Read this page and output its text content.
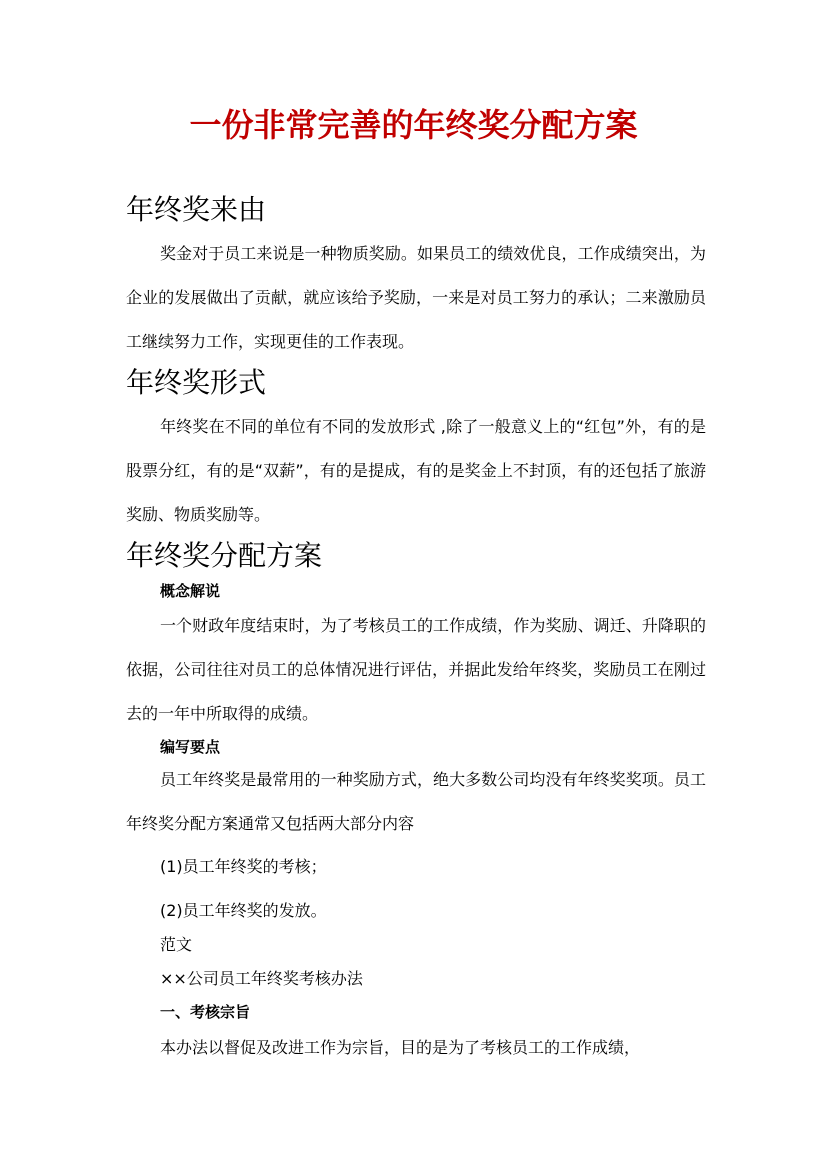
一份非常完善的年终奖分配方案
年终奖来由

奖金对于员工来说是一种物质奖励。如果员工的绩效优良，工作成绩突出，为企业的发展做出了贡献，就应该给予奖励，一来是对员工努力的承认；二来激励员工继续努力工作，实现更佳的工作表现。

年终奖形式

年终奖在不同的单位有不同的发放形式 ,除了一般意义上的“红包”外，有的是股票分红，有的是“双薪”，有的是提成，有的是奖金上不封顶，有的还包括了旅游奖励、物质奖励等。

年终奖分配方案

概念解说

一个财政年度结束时，为了考核员工的工作成绩，作为奖励、调迁、升降职的依据，公司往往对员工的总体情况进行评估，并据此发给年终奖，奖励员工在刚过去的一年中所取得的成绩。

编写要点

员工年终奖是最常用的一种奖励方式，绝大多数公司均没有年终奖奖项。员工年终奖分配方案通常又包括两大部分内容

(1)员工年终奖的考核；

(2)员工年终奖的发放。

范文

××公司员工年终奖考核办法

一、考核宗旨

本办法以督促及改进工作为宗旨，目的是为了考核员工的工作成绩，
